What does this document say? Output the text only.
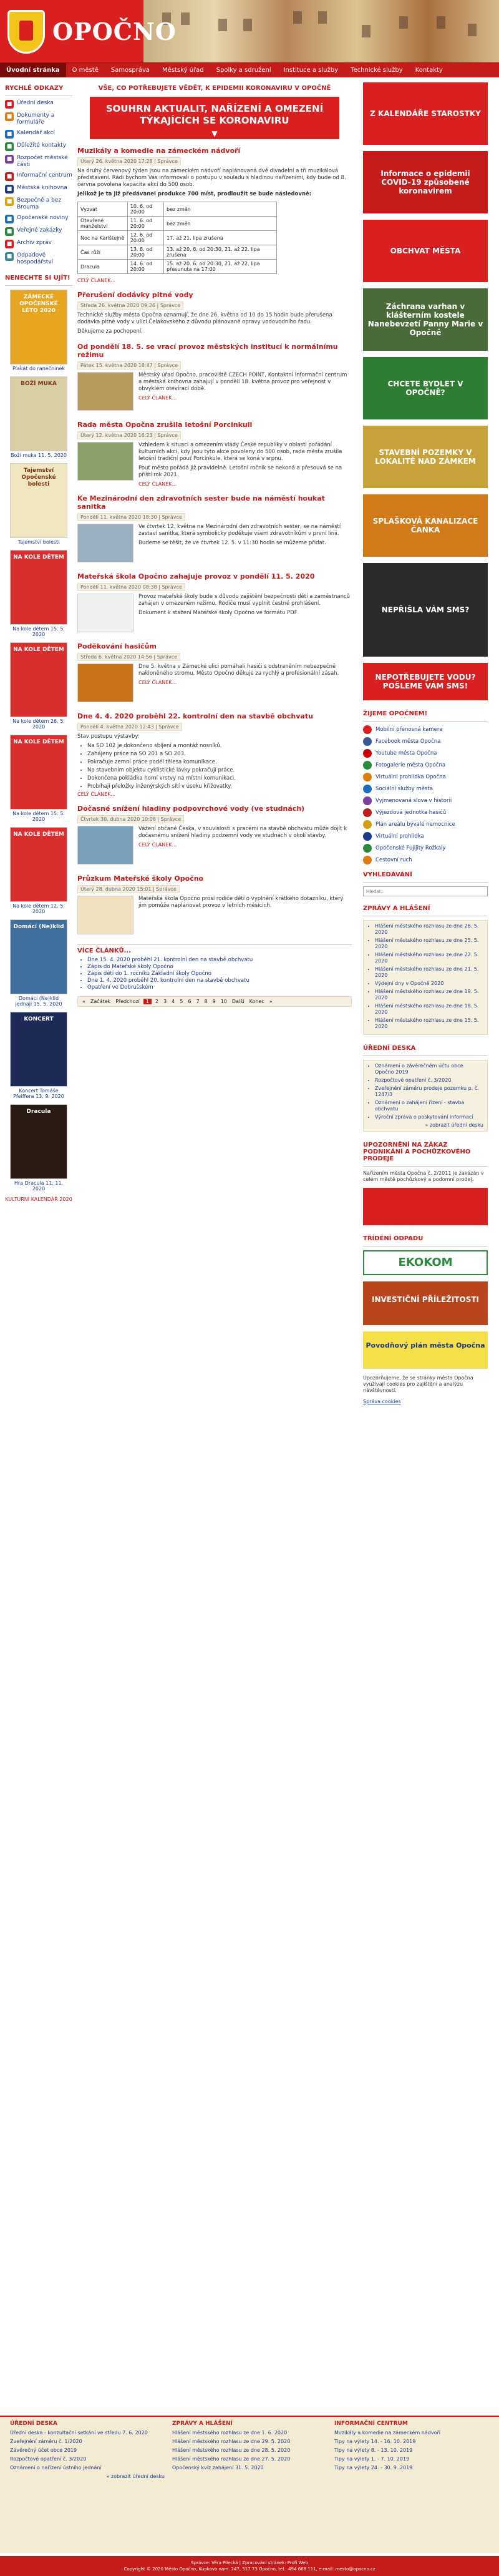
OPOČNO
Úvodní stránka	O městě	Samospráva	Městský úřad	Spolky a sdružení	Instituce a služby	Technické služby	Kontakty
RYCHLÉ ODKAZY
■ Úřední deska
■ Dokumenty a formuláře
■ Kalendář akcí
■ Důležité kontakty
■ Rozpočet městské části
■ Informační centrum
■ Městská knihovna
■ Bezpečně a bez Brouma
■ Opočenské noviny
■ Veřejné zakázky
■ Archiv zpráv
■ Odpadové hospodářství
NENECHTE SI UJÍT!
ZÁMECKÉ OPOČENSKÉ LÉTO 2020
Plakát do ranečninek
BOŽÍ MUKA
Boží muka 11. 5. 2020
Tajemství Opočenské bolesti
Tajemství bolesti
NA KOLE DĚTEM
Na kole dětem 15. 5. 2020
NA KOLE DĚTEM
Na kole dětem 26. 5. 2020
NA KOLE DĚTEM
Na kole dětem 15. 5. 2020
NA KOLE DĚTEM
Na kole dětem 12. 5. 2020
Domácí (Ne)klid
Domácí (Ne)klid jednají 15. 5. 2020
KONCERT
Koncert Tomáše Pfeiffera 13. 9. 2020
Dracula
Hra Dracula 11. 11. 2020
KULTURNÍ KALENDÁŘ 2020
VŠE, CO POTŘEBUJETE VĚDĚT, K EPIDEMII KORONAVIRU V OPOČNĚ
SOUHRN AKTUALIT, NAŘÍZENÍ A OMEZENÍ TÝKAJÍCÍCH SE KORONAVIRU
▼
Muzikály a komedie na zámeckém nádvoří
Úterý 26. května 2020 17:28 | Správce

Na druhý červenový týden jsou na zámeckém nádvoří naplánovaná dvě divadelní a tři muzikálová představení. Rádi bychom Vás informovali o postupu v souladu s hladinou nařízeními, kdy bude od 8. června povolena kapacita akcí do 500 osob.

Jelikož je ta již předávanei produkce 700 míst, prodloužit se bude následovně:

Vyzvat	10. 6. od 20:00	bez změn
Otevřené manželství	11. 6. od 20:00	bez změn
Noc na Karlštejně	12. 6. od 20:00	17. až 21. lipa zrušena
Čas růží	13. 6. od 20:00	13. až 20. 6. od 20:30, 21. až 22. lipa zrušena
Dracula	14. 6. od 20:00	15. až 20. 6. od 20:30, 21. až 22. lipa přesunuta na 17:00
CELÝ ČLÁNEK...
Přerušení dodávky pitné vody
Středa 26. května 2020 09:26 | Správce

Technické služby města Opočna oznamují, že dne 26. května od 10 do 15 hodin bude přerušena dodávka pitné vody v ulici Čelakovského z důvodu plánované opravy vodovodního řadu.

Děkujeme za pochopení.

Od pondělí 18. 5. se vrací provoz městských institucí k normálnímu režimu
Pátek 15. května 2020 18:47 | Správce

Městský úřad Opočno, pracoviště CZECH POINT, Kontaktní informační centrum a městská knihovna zahajují v pondělí 18. května provoz pro veřejnost v obvyklém otevírací době.

CELÝ ČLÁNEK...
Rada města Opočna zrušila letošní Porcinkuli
Úterý 12. května 2020 16:23 | Správce

Vzhledem k situaci a omezením vlády České republiky v oblasti pořádání kulturních akcí, kdy jsou tyto akce povoleny do 500 osob, rada města zrušila letošní tradiční pouť Porcinkule, která se koná v srpnu.

Pouť město pořádá již pravidelně. Letošní ročník se nekoná a přesouvá se na příští rok 2021.

CELÝ ČLÁNEK...
Ke Mezinárodní den zdravotních sester bude na náměstí houkat sanitka
Pondělí 11. května 2020 18:30 | Správce

Ve čtvrtek 12. května na Mezinárodní den zdravotních sester, se na náměstí zastaví sanitka, která symbolicky poděkuje všem zdravotníkům v první linii.

Budeme se těšit, že ve čtvrtek 12. 5. v 11:30 hodin se můžeme přidat.

Mateřská škola Opočno zahajuje provoz v pondělí 11. 5. 2020
Pondělí 11. května 2020 08:38 | Správce

Provoz mateřské školy bude s důvodu zajištění bezpečnosti dětí a zaměstnanců zahájen v omezeném režimu. Rodiče musí vyplnit čestné prohlášení.

Dokument k stažení Mateřské školy Opočno ve formátu PDF

Poděkování hasičům
Středa 6. května 2020 14:56 | Správce

Dne 5. května v Zámecké ulici pomáhali hasiči s odstraněním nebezpečně nakloněného stromu. Město Opočno děkuje za rychlý a profesionální zásah.

CELÝ ČLÁNEK...
Dne 4. 4. 2020 proběhl 22. kontrolní den na stavbě obchvatu
Pondělí 4. května 2020 12:43 | Správce

Stav postupu výstavby:

• Na SO 102 je dokončeno sbíjení a montáž nosníků.
• Zahájeny práce na SO 201 a SO 203.
• Pokračuje zemní práce podél tělesa komunikace.
• Na stavebním objektu cyklistické lávky pokračují práce.
• Dokončena pokládka horní vrstvy na místní komunikaci.
• Probíhají přeložky inženýrských sítí v úseku křižovatky.
CELÝ ČLÁNEK...
Dočasné snížení hladiny podpovrchové vody (ve studnách)
Čtvrtek 30. dubna 2020 10:08 | Správce

Vážení občané Česka, v souvislosti s pracemi na stavbě obchvatu může dojít k dočasnému snížení hladiny podzemní vody ve studnách v okolí stavby.

CELÝ ČLÁNEK...
Průzkum Mateřské školy Opočno
Úterý 28. dubna 2020 15:01 | Správce

Mateřská škola Opočno prosí rodiče dětí o vyplnění krátkého dotazníku, který jim pomůže naplánovat provoz v letních měsících.

VÍCE ČLÁNKŮ...
• Dne 15. 4. 2020 proběhl 21. kontrolní den na stavbě obchvatu
• Zápis do Mateřské školy Opočno
• Zápis dětí do 1. ročníku Základní školy Opočno
• Dne 1. 4. 2020 proběhl 20. kontrolní den na stavbě obchvatu
• Opatření ve Dobrušském
« Začátek Předchozí	1	2 3 4 5 6 7 8 9 10 Další Konec »
Z KALENDÁŘE STAROSTKY
Informace o epidemii COVID-19 způsobené koronavirem
OBCHVAT MĚSTA
Záchrana varhan v klášterním kostele Nanebevzetí Panny Marie v Opočně
CHCETE BYDLET V OPOČNĚ?
STAVEBNÍ POZEMKY V LOKALITĚ NAD ZÁMKEM
SPLAŠKOVÁ KANALIZACE ČANKA
NEPŘIŠLA VÁM SMS?
NEPOTŘEBUJETE VODU? POŠLEME VÁM SMS!
ŽIJEME OPOČNEM!
Mobilní přenosná kamera
Facebook města Opočna
Youtube města Opočna
Fotogalerie města Opočna
Virtuální prohlídka Opočna
Sociální služby města
Vyjmenovaná slova v historii
Výjezdová jednotka hasičů
Plán areálu bývalé nemocnice
Virtuální prohlídka
Opočenské Fujijity Rožkaly
Cestovní ruch
VYHLEDÁVÁNÍ
Hledat...
ZPRÁVY A HLÁŠENÍ
• Hlášení městského rozhlasu ze dne 26. 5. 2020
• Hlášení městského rozhlasu ze dne 25. 5. 2020
• Hlášení městského rozhlasu ze dne 22. 5. 2020
• Hlášení městského rozhlasu ze dne 21. 5. 2020
• Výdejní dny v Opočně 2020
• Hlášení městského rozhlasu ze dne 19. 5. 2020
• Hlášení městského rozhlasu ze dne 18. 5. 2020
• Hlášení městského rozhlasu ze dne 15. 5. 2020
ÚŘEDNÍ DESKA
• Oznámení o závěrečném účtu obce Opočno 2019
• Rozpočtové opatření č. 3/2020
• Zveřejnění záměru prodeje pozemku p. č. 1247/3
• Oznámení o zahájení řízení - stavba obchvatu
• Výroční zpráva o poskytování informací
» zobrazit úřední desku
UPOZORNĚNÍ NA ZÁKAZ PODNIKÁNÍ A POCHŮZKOVÉHO PRODEJE
Nařízením města Opočna č. 2/2011 je zakázán v celém městě pochůzkový a podomní prodej.
TŘÍDĚNÍ ODPADU
EKOKOM
INVESTIČNÍ PŘÍLEŽITOSTI
Povodňový plán města Opočna
Upozorňujeme, že se stránky města Opočna využívají cookies pro zajištění a analýzu návštěvnosti.
Správa cookies
ÚŘEDNÍ DESKA
Úřední deska - konzultační setkání ve středu 7. 6. 2020
Zveřejnění záměru č. 1/2020
Závěrečný účet obce 2019
Rozpočtové opatření č. 3/2020
Oznámení o nařízení ústního jednání
» zobrazit úřední desku
ZPRÁVY A HLÁŠENÍ
Hlášení městského rozhlasu ze dne 1. 6. 2020
Hlášení městského rozhlasu ze dne 29. 5. 2020
Hlášení městského rozhlasu ze dne 28. 5. 2020
Hlášení městského rozhlasu ze dne 27. 5. 2020
Opočenský kvíz zahájení 31. 5. 2020
INFORMAČNÍ CENTRUM
Muzikály a komedie na zámeckém nádvoří
Tipy na výlety 14. - 16. 10. 2019
Tipy na výlety 8. - 13. 10. 2019
Tipy na výlety 1. - 7. 10. 2019
Tipy na výlety 24. - 30. 9. 2019
Správce: Věra Pilecká | Zpracování stránek: Profi Web
Copyright © 2020 Město Opočno, Kupkovo nám. 247, 517 73 Opočno, tel.: 494 668 111, e-mail: mesto@opocno.cz
